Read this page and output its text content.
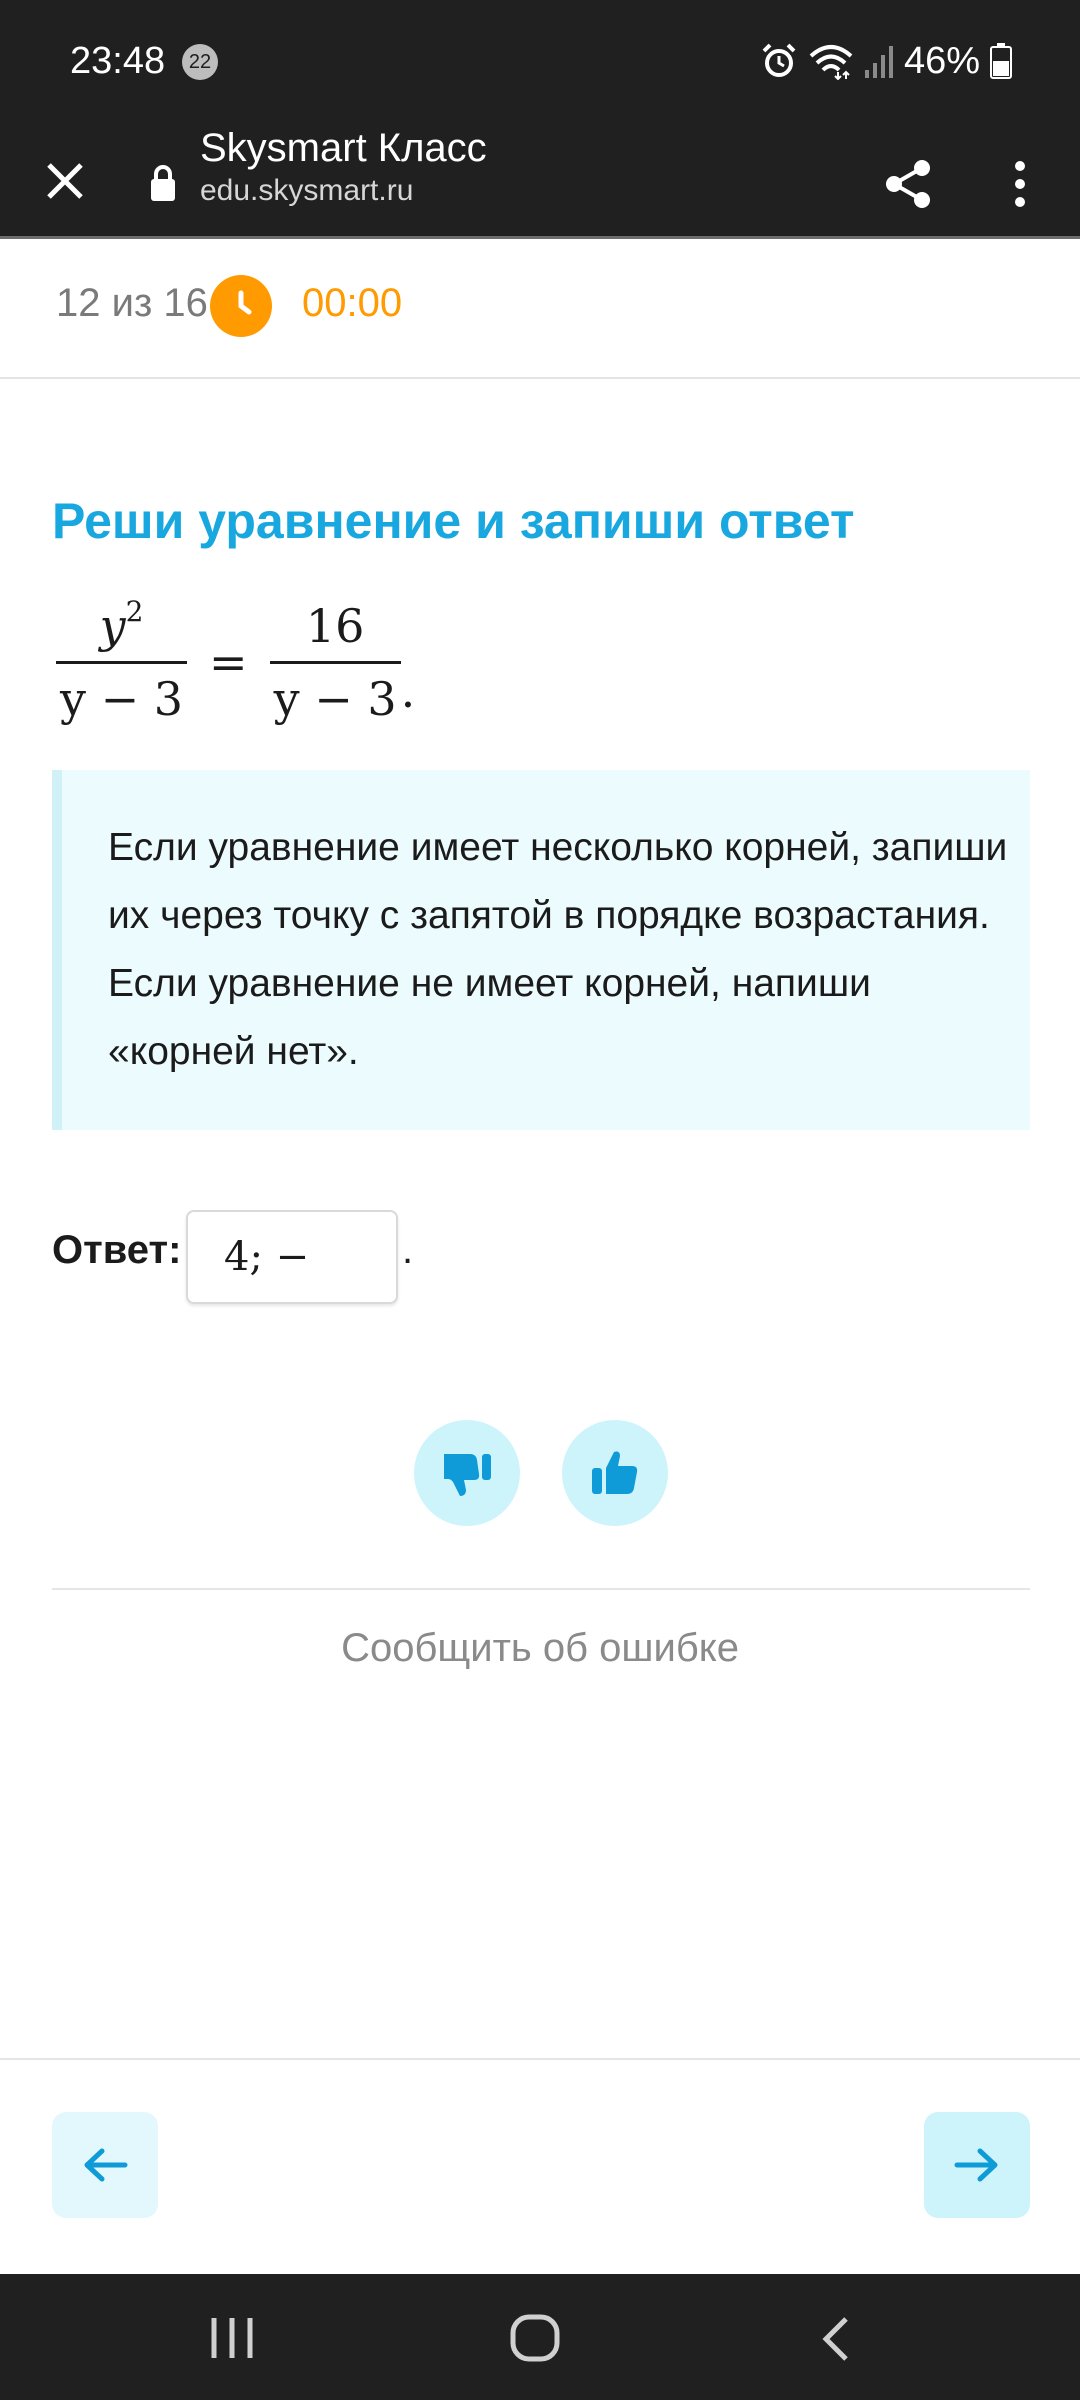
23:48	22	46%
Skysmart Класс
edu.skysmart.ru
12 из 16 00:00
Реши уравнение и запиши ответ
$\frac{y^2}{y - 3} = \frac{16}{y - 3}$ .

Если уравнение имеет несколько корней, запиши их через точку с запятой в порядке возрастания. Если уравнение не имеет корней, напиши «корней нет».

Ответ:
4; −	.
Сообщить об ошибке
